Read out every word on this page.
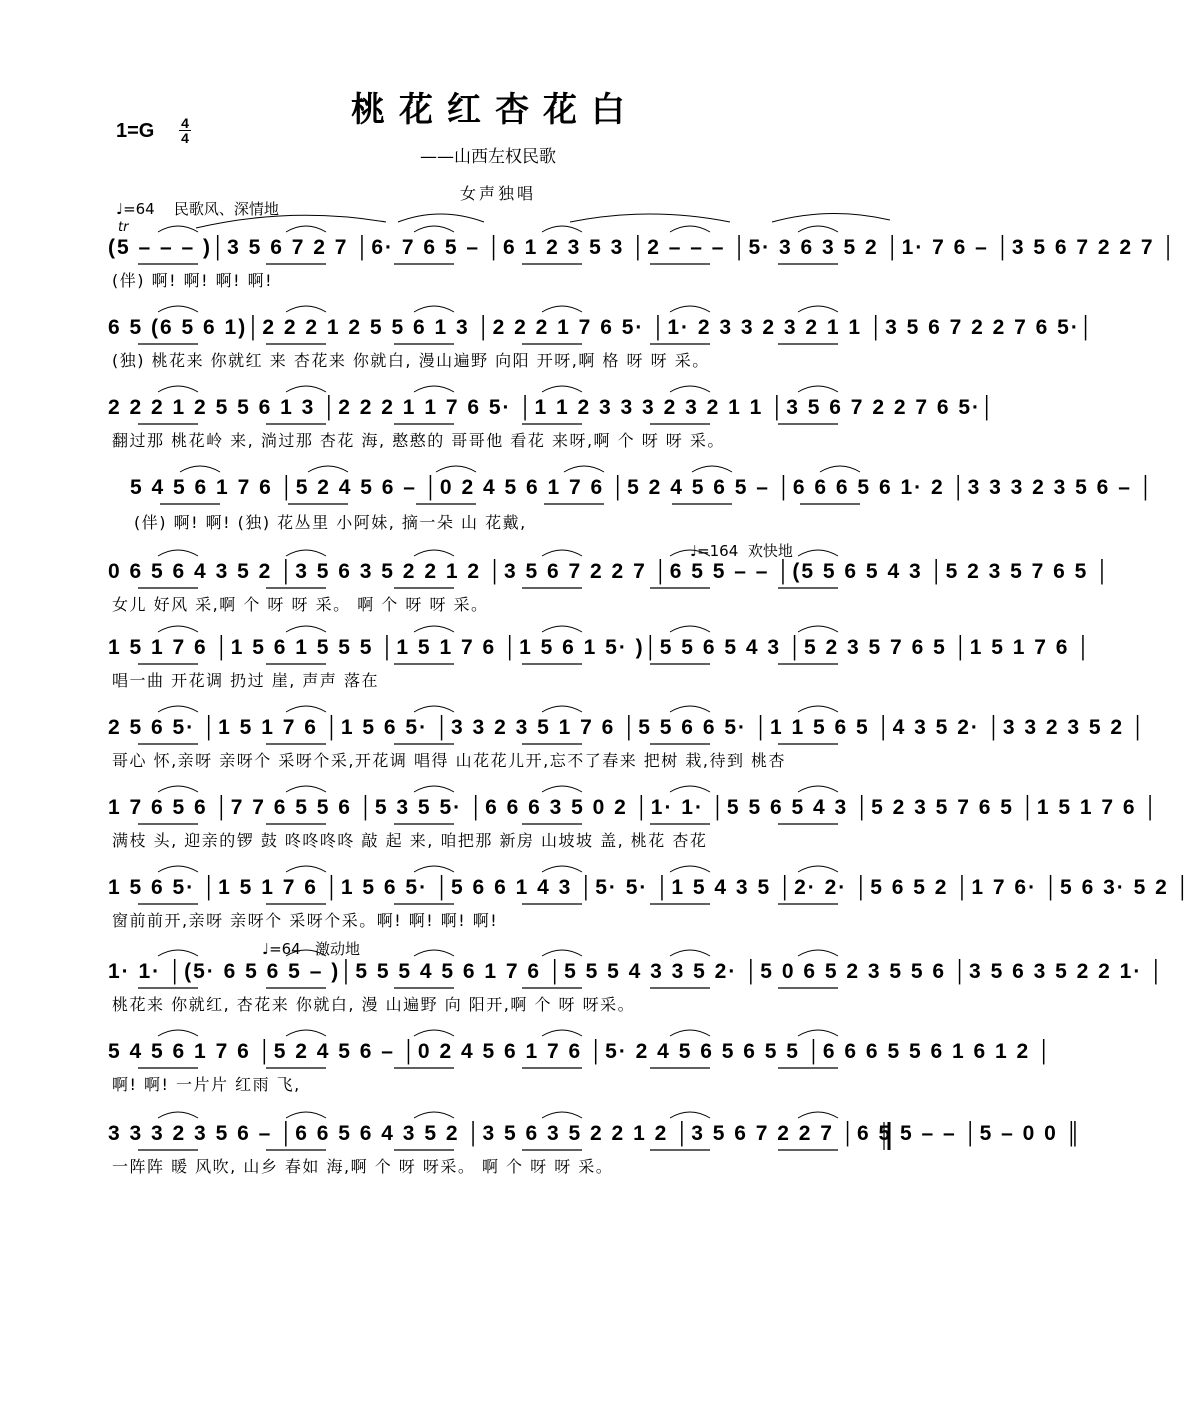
桃花红杏花白
1=G 4
4
——山西左权民歌
女声独唱
♩=64 民歌风、深情地
tr
♩=164 欢快地
♩=64 激动地
(5 – – – )│3 5 6 7 2 7 │6· 7 6 5 – │6 1 2 3 5 3 │2 – – – │5· 3 6 3 5 2 │1· 7 6 – │3 5 6 7 2 2 7 │
(伴) 啊! 啊! 啊! 啊!
6 5 (6 5 6 1)│2 2 2 1 2 5 5 6 1 3 │2 2 2 1 7 6 5· │1· 2 3 3 2 3 2 1 1 │3 5 6 7 2 2 7 6 5·│
(独) 桃花来 你就红 来 杏花来 你就白, 漫山遍野 向阳 开呀,啊 格 呀 呀 采。
2 2 2 1 2 5 5 6 1 3 │2 2 2 1 1 7 6 5· │1 1 2 3 3 3 2 3 2 1 1 │3 5 6 7 2 2 7 6 5·│
翻过那 桃花岭 来, 淌过那 杏花 海, 憨憨的 哥哥他 看花 来呀,啊 个 呀 呀 采。
5 4 5 6 1 7 6 │5 2 4 5 6 – │0 2 4 5 6 1 7 6 │5 2 4 5 6 5 – │6 6 6 5 6 1· 2 │3 3 3 2 3 5 6 – │
(伴) 啊! 啊! (独) 花丛里 小阿妹, 摘一朵 山 花戴,
0 6 5 6 4 3 5 2 │3 5 6 3 5 2 2 1 2 │3 5 6 7 2 2 7 │6 5 5 – – │(5 5 6 5 4 3 │5 2 3 5 7 6 5 │
女儿 好风 采,啊 个 呀 呀 采。 啊 个 呀 呀 采。
1 5 1 7 6 │1 5 6 1 5 5 5 │1 5 1 7 6 │1 5 6 1 5· )│5 5 6 5 4 3 │5 2 3 5 7 6 5 │1 5 1 7 6 │
唱一曲 开花调 扔过 崖, 声声 落在
2 5 6 5· │1 5 1 7 6 │1 5 6 5· │3 3 2 3 5 1 7 6 │5 5 6 6 5· │1 1 5 6 5 │4 3 5 2· │3 3 2 3 5 2 │
哥心 怀,亲呀 亲呀个 采呀个采,开花调 唱得 山花花儿开,忘不了春来 把树 栽,待到 桃杏
1 7 6 5 6 │7 7 6 5 5 6 │5 3 5 5· │6 6 6 3 5 0 2 │1· 1· │5 5 6 5 4 3 │5 2 3 5 7 6 5 │1 5 1 7 6 │
满枝 头, 迎亲的锣 鼓 咚咚咚咚 敲 起 来, 咱把那 新房 山坡坡 盖, 桃花 杏花
1 5 6 5· │1 5 1 7 6 │1 5 6 5· │5 6 6 1 4 3 │5· 5· │1 5 4 3 5 │2· 2· │5 6 5 2 │1 7 6· │5 6 3· 5 2 │
窗前前开,亲呀 亲呀个 采呀个采。啊! 啊! 啊! 啊!
1· 1· │(5· 6 5 6 5 – )│5 5 5 4 5 6 1 7 6 │5 5 5 4 3 3 5 2· │5 0 6 5 2 3 5 5 6 │3 5 6 3 5 2 2 1· │
桃花来 你就红, 杏花来 你就白, 漫 山遍野 向 阳开,啊 个 呀 呀采。
5 4 5 6 1 7 6 │5 2 4 5 6 – │0 2 4 5 6 1 7 6 │5· 2 4 5 6 5 6 5 5 │6 6 6 5 5 6 1 6 1 2 │
啊! 啊! 一片片 红雨 飞,
3 3 3 2 3 5 6 – │6 6 5 6 4 3 5 2 │3 5 6 3 5 2 2 1 2 │3 5 6 7 2 2 7 │6 5 5 – – │5 – 0 0 ║
一阵阵 暖 风吹, 山乡 春如 海,啊 个 呀 呀采。 啊 个 呀 呀 采。
